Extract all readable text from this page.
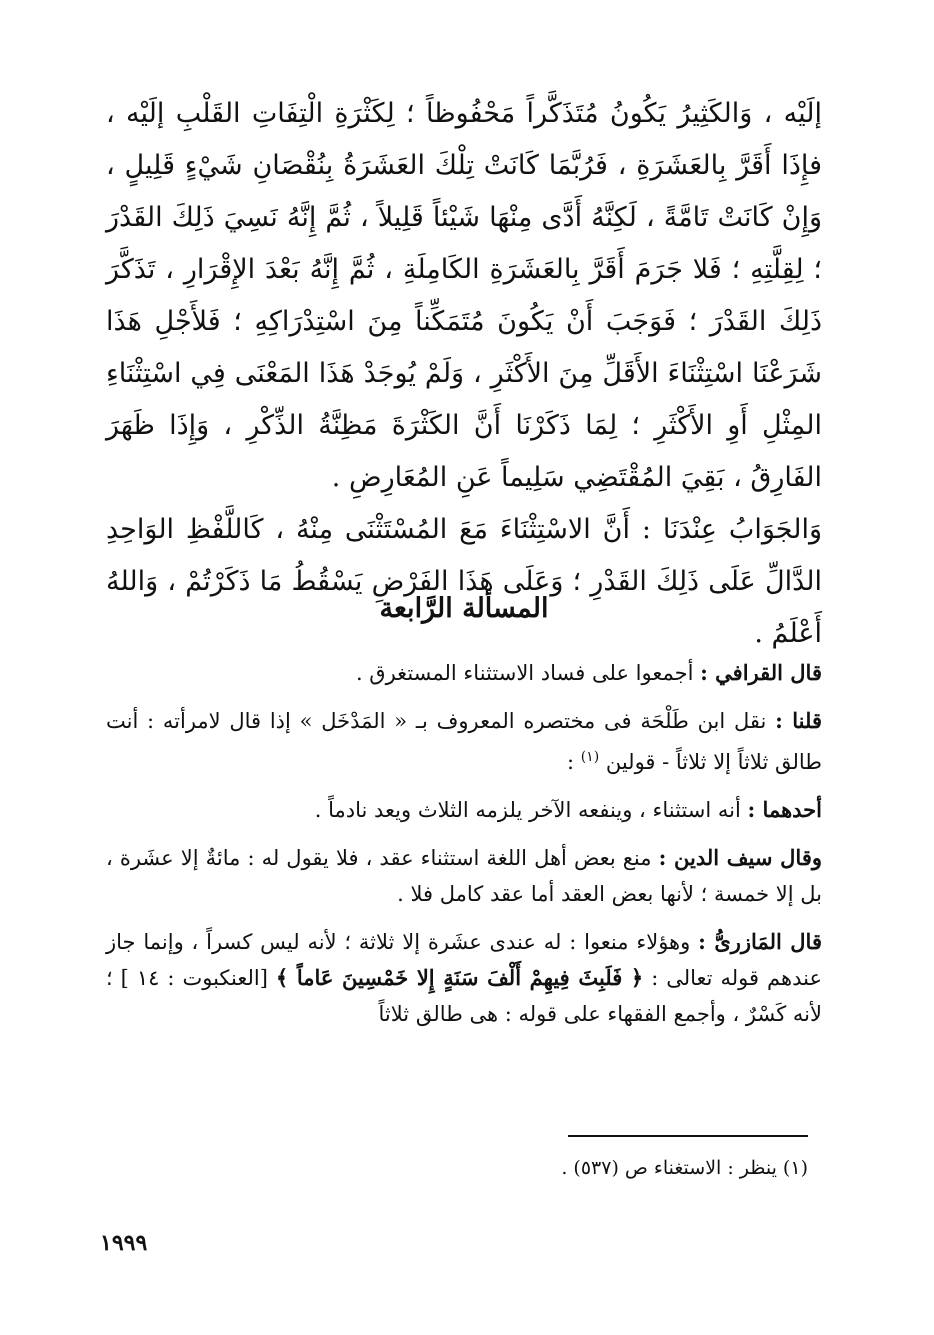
إلَيْه ، وَالكَثِيرُ يَكُونُ مُتَذَكَّراً مَحْفُوظاً ؛ لِكَثْرَةِ الْتِفَاتِ القَلْبِ إلَيْه ، فإِذَا أَقَرَّ بِالعَشَرَةِ ، فَرُبَّمَا كَانَتْ تِلْكَ العَشَرَةُ بِنُقْصَانِ شَيْءٍ قَلِيلٍ ، وَإِنْ كَانَتْ تَامَّةً ، لَكِنَّهُ أَدَّى مِنْهَا شَيْئاً قَلِيلاً ، ثُمَّ إِنَّهُ نَسِيَ ذَلِكَ القَدْرَ ؛ لِقِلَّتِهِ ؛ فَلا جَرَمَ أَقَرَّ بِالعَشَرَةِ الكَامِلَةِ ، ثُمَّ إِنَّهُ بَعْدَ الإِقْرَارِ ، تَذَكَّرَ ذَلِكَ القَدْرَ ؛ فَوَجَبَ أَنْ يَكُونَ مُتَمَكِّناً مِنَ اسْتِدْرَاكِهِ ؛ فَلأَجْلِ هَذَا شَرَعْنَا اسْتِثْنَاءَ الأَقَلِّ مِنَ الأَكْثَرِ ، وَلَمْ يُوجَدْ هَذَا المَعْنَى فِي اسْتِثْنَاءِ المِثْلِ أَوِ الأَكْثَرِ ؛ لِمَا ذَكَرْنَا أَنَّ الكَثْرَةَ مَظِنَّةُ الذِّكْرِ ، وَإِذَا ظَهَرَ الفَارِقُ ، بَقِيَ المُقْتَضِي سَلِيماً عَنِ المُعَارِضِ .

وَالجَوَابُ عِنْدَنَا : أَنَّ الاسْتِثْنَاءَ مَعَ المُسْتَثْنَى مِنْهُ ، كَاللَّفْظِ الوَاحِدِ الدَّالِّ عَلَى ذَلِكَ القَدْرِ ؛ وَعَلَى هَذَا الفَرْضِ يَسْقُطُ مَا ذَكَرْتُمْ ، وَاللهُ أَعْلَمُ .

المسألة الرَّابعة

قال القرافي : أجمعوا على فساد الاستثناء المستغرق .

قلنا : نقل ابن طَلْحَة فى مختصره المعروف بـ « المَدْخَل » إذا قال لامرأته : أنت طالق ثلاثاً إلا ثلاثاً - قولين $^{(١)}$ :

أحدهما : أنه استثناء ، وينفعه الآخر يلزمه الثلاث ويعد نادماً .

وقال سيف الدين : منع بعض أهل اللغة استثناء عقد ، فلا يقول له : مائةٌ إلا عشَرة ، بل إلا خمسة ؛ لأنها بعض العقد أما عقد كامل فلا .

قال المَازرىُّ : وهؤلاء منعوا : له عندى عشَرة إلا ثلاثة ؛ لأنه ليس كسراً ، وإنما جاز عندهم قوله تعالى : ﴿ فَلَبِثَ فِيهِمْ أَلْفَ سَنَةٍ إِلا خَمْسِينَ عَاماً ﴾ [العنكبوت : ١٤ ] ؛ لأنه كَسْرٌ ، وأجمع الفقهاء على قوله : هى طالق ثلاثاً

(١) ينظر : الاستغناء ص (٥٣٧) .

١٩٩٩
